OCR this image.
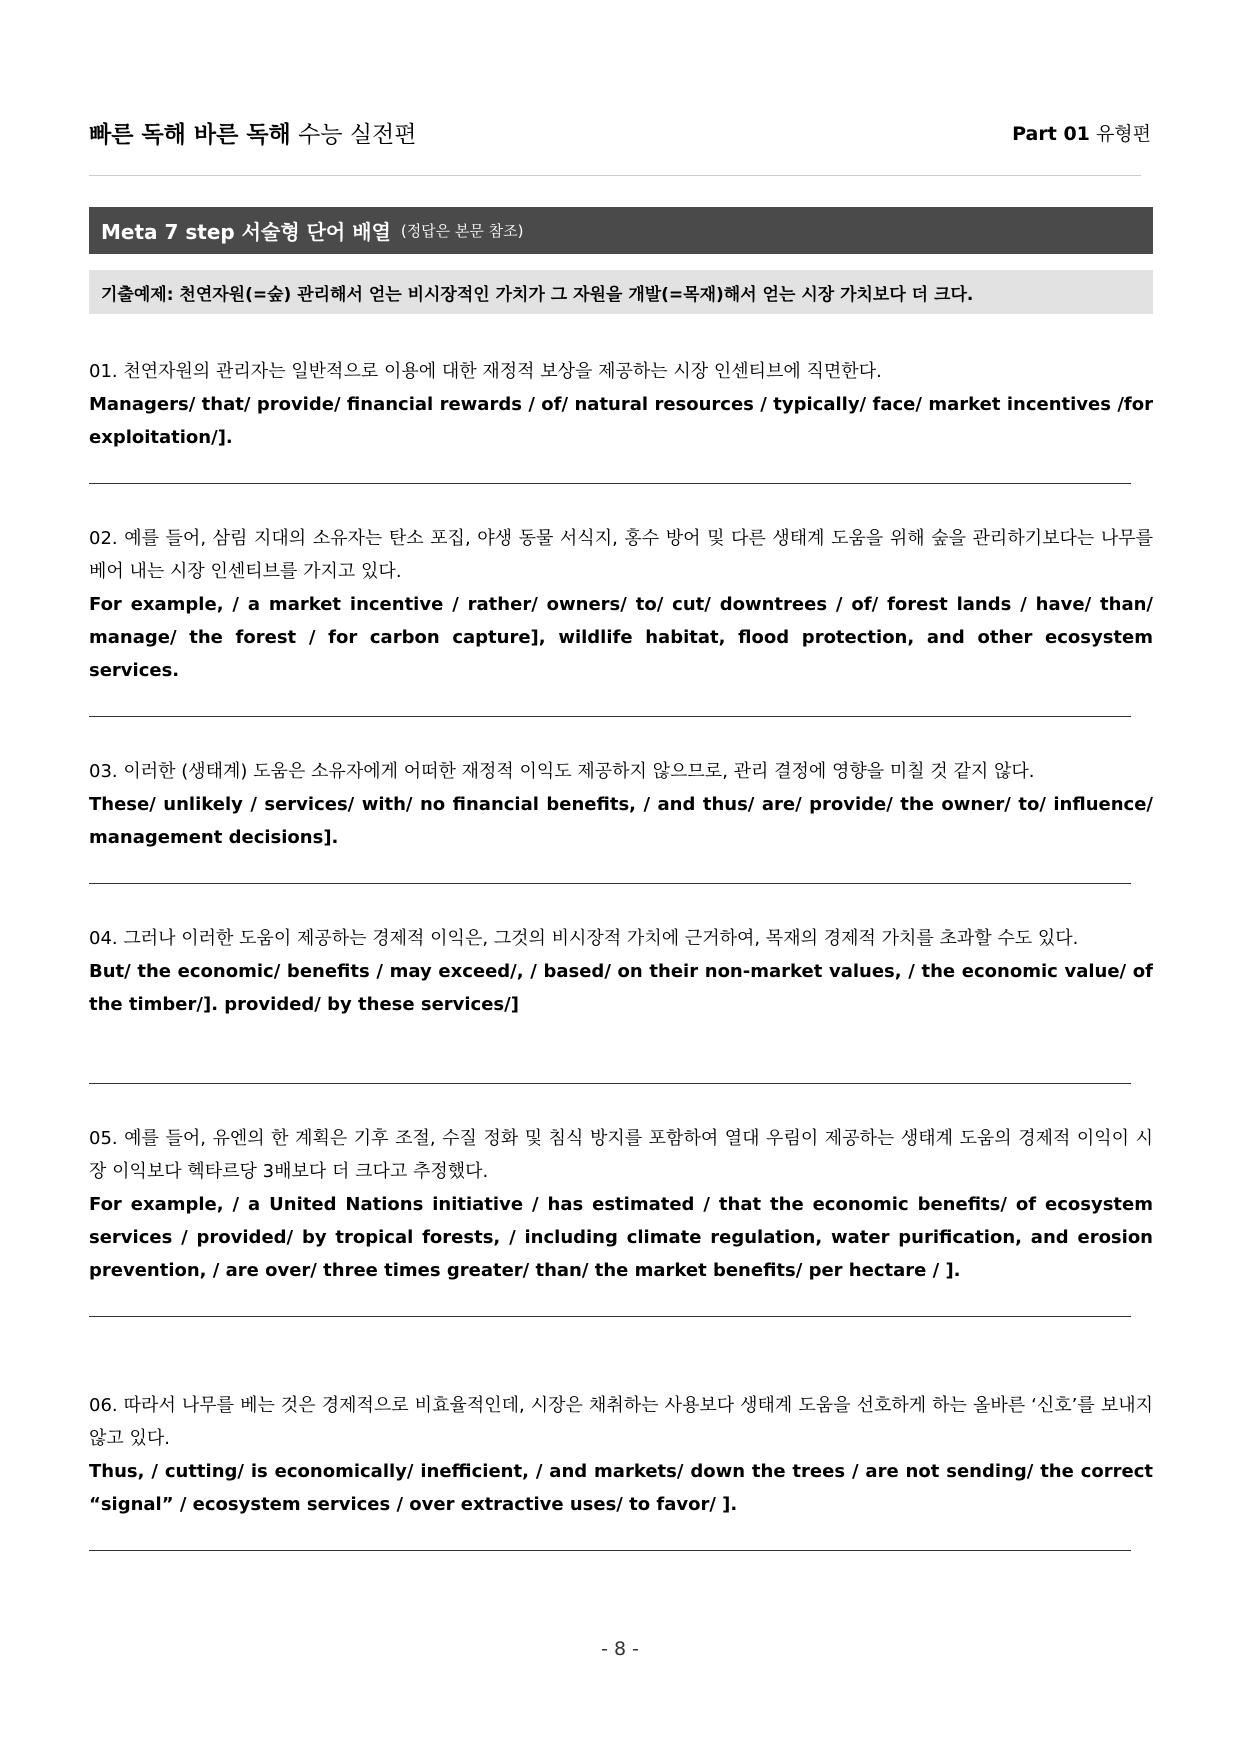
빠른 독해 바른 독해 수능 실전편	Part 01 유형편
Meta 7 step 서술형 단어 배열 (정답은 본문 참조)
기출예제: 천연자원(=숲) 관리해서 얻는 비시장적인 가치가 그 자원을 개발(=목재)해서 얻는 시장 가치보다 더 크다.
01. 천연자원의 관리자는 일반적으로 이용에 대한 재정적 보상을 제공하는 시장 인센티브에 직면한다.
Managers/ that/ provide/ financial rewards / of/ natural resources / typically/ face/ market incentives /for exploitation/].
02. 예를 들어, 삼림 지대의 소유자는 탄소 포집, 야생 동물 서식지, 홍수 방어 및 다른 생태계 도움을 위해 숲을 관리하기보다는 나무를 베어 내는 시장 인센티브를 가지고 있다.
For example, / a market incentive / rather/ owners/ to/ cut/ downtrees / of/ forest lands / have/ than/ manage/ the forest / for carbon capture], wildlife habitat, flood protection, and other ecosystem services.
03. 이러한 (생태계) 도움은 소유자에게 어떠한 재정적 이익도 제공하지 않으므로, 관리 결정에 영향을 미칠 것 같지 않다.
These/ unlikely / services/ with/ no financial benefits, / and thus/ are/ provide/ the owner/ to/ influence/ management decisions].
04. 그러나 이러한 도움이 제공하는 경제적 이익은, 그것의 비시장적 가치에 근거하여, 목재의 경제적 가치를 초과할 수도 있다.
But/ the economic/ benefits / may exceed/, / based/ on their non-market values, / the economic value/ of the timber/]. provided/ by these services/]
05. 예를 들어, 유엔의 한 계획은 기후 조절, 수질 정화 및 침식 방지를 포함하여 열대 우림이 제공하는 생태계 도움의 경제적 이익이 시장 이익보다 헥타르당 3배보다 더 크다고 추정했다.
For example, / a United Nations initiative / has estimated / that the economic benefits/ of ecosystem services / provided/ by tropical forests, / including climate regulation, water purification, and erosion prevention, / are over/ three times greater/ than/ the market benefits/ per hectare / ].
06. 따라서 나무를 베는 것은 경제적으로 비효율적인데, 시장은 채취하는 사용보다 생태계 도움을 선호하게 하는 올바른 ‘신호’를 보내지 않고 있다.
Thus, / cutting/ is economically/ inefficient, / and markets/ down the trees / are not sending/ the correct “signal” / ecosystem services / over extractive uses/ to favor/ ].
- 8 -
